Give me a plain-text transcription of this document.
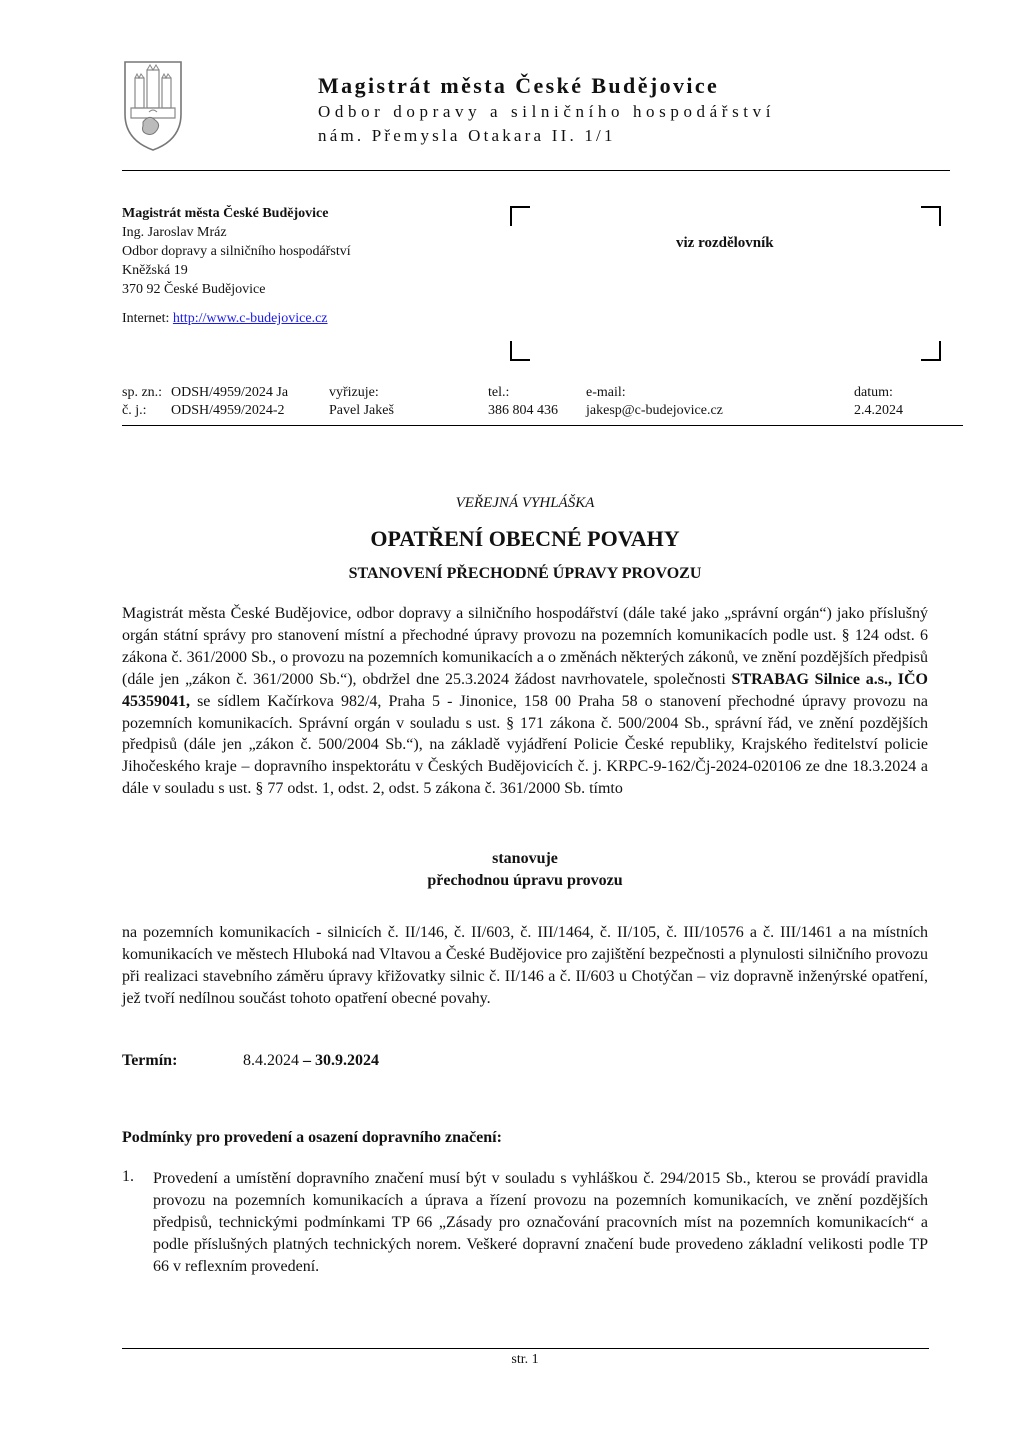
Magistrát města České Budějovice
Odbor dopravy a silničního hospodářství
nám. Přemysla Otakara II. 1/1
Magistrát města České Budějovice
Ing. Jaroslav Mráz
Odbor dopravy a silničního hospodářství
Kněžská 19
370 92 České Budějovice
Internet: http://www.c-budejovice.cz
viz rozdělovník
sp. zn.: ODSH/4959/2024 Ja
č. j.: ODSH/4959/2024-2
vyřizuje:
Pavel Jakeš
tel.:
386 804 436
e-mail:
jakesp@c-budejovice.cz
datum:
2.4.2024
VEŘEJNÁ VYHLÁŠKA
OPATŘENÍ OBECNÉ POVAHY
STANOVENÍ PŘECHODNÉ ÚPRAVY PROVOZU
Magistrát města České Budějovice, odbor dopravy a silničního hospodářství (dále také jako „správní orgán“) jako příslušný orgán státní správy pro stanovení místní a přechodné úpravy provozu na pozemních komunikacích podle ust. § 124 odst. 6 zákona č. 361/2000 Sb., o provozu na pozemních komunikacích a o změnách některých zákonů, ve znění pozdějších předpisů (dále jen „zákon č. 361/2000 Sb.“), obdržel dne 25.3.2024 žádost navrhovatele, společnosti STRABAG Silnice a.s., IČO 45359041, se sídlem Kačírkova 982/4, Praha 5 - Jinonice, 158 00 Praha 58 o stanovení přechodné úpravy provozu na pozemních komunikacích. Správní orgán v souladu s ust. § 171 zákona č. 500/2004 Sb., správní řád, ve znění pozdějších předpisů (dále jen „zákon č. 500/2004 Sb.“), na základě vyjádření Policie České republiky, Krajského ředitelství policie Jihočeského kraje – dopravního inspektorátu v Českých Budějovicích č. j. KRPC-9-162/Čj-2024-020106 ze dne 18.3.2024 a dále v souladu s ust. § 77 odst. 1, odst. 2, odst. 5 zákona č. 361/2000 Sb. tímto
stanovuje
přechodnou úpravu provozu
na pozemních komunikacích - silnicích č. II/146, č. II/603, č. III/1464, č. II/105, č. III/10576 a č. III/1461 a na místních komunikacích ve městech Hluboká nad Vltavou a České Budějovice pro zajištění bezpečnosti a plynulosti silničního provozu při realizaci stavebního záměru úpravy křižovatky silnic č. II/146 a č. II/603 u Chotýčan – viz dopravně inženýrské opatření, jež tvoří nedílnou součást tohoto opatření obecné povahy.
Termín:	8.4.2024 – 30.9.2024
Podmínky pro provedení a osazení dopravního značení:
1. Provedení a umístění dopravního značení musí být v souladu s vyhláškou č. 294/2015 Sb., kterou se provádí pravidla provozu na pozemních komunikacích a úprava a řízení provozu na pozemních komunikacích, ve znění pozdějších předpisů, technickými podmínkami TP 66 „Zásady pro označování pracovních míst na pozemních komunikacích“ a podle příslušných platných technických norem. Veškeré dopravní značení bude provedeno základní velikosti podle TP 66 v reflexním provedení.
str. 1
